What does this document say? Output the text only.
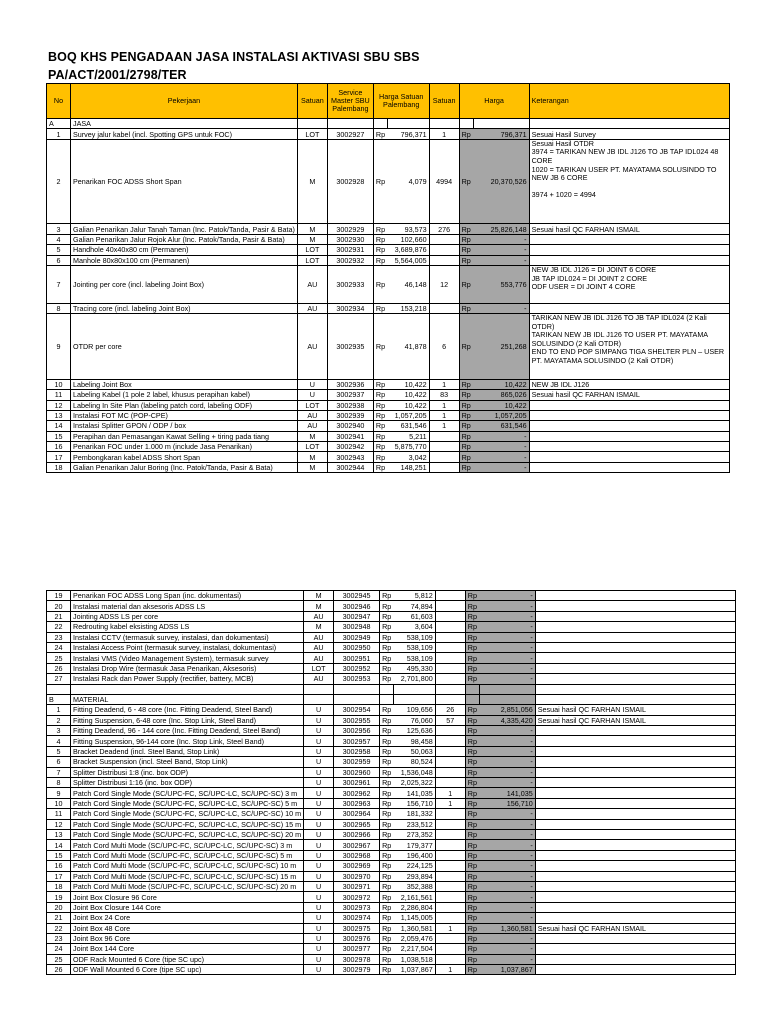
BOQ KHS PENGADAAN JASA INSTALASI AKTIVASI SBU SBS
PA/ACT/2001/2798/TER
No	Pekerjaan	Satuan	Service Master SBU Palembang	Harga Satuan Palembang		Satuan	Harga		Keterangan
A	JASA								
1	Survey jalur kabel (incl. Spotting GPS untuk FOC)	LOT	3002927	Rp	796,371	1	Rp	796,371	Sesuai Hasil Survey
2	Penarikan FOC ADSS Short Span	M	3002928	Rp	4,079	4994	Rp	20,370,526	Sesuai Hasil OTDR
3974 = TARIKAN NEW JB IDL J126 TO JB TAP IDL024 48 CORE
1020 = TARIKAN USER PT. MAYATAMA SOLUSINDO TO NEW JB 6 CORE

3974 + 1020 = 4994
3	Galian Penarikan Jalur Tanah Taman (Inc. Patok/Tanda, Pasir & Bata)	M	3002929	Rp	93,573	276	Rp	25,826,148	Sesuai hasil QC FARHAN ISMAIL
4	Galian Penarikan Jalur Rojok Alur (Inc. Patok/Tanda, Pasir & Bata)	M	3002930	Rp	102,660		Rp	-	
5	Handhole 40x40x80 cm (Permanen)	LOT	3002931	Rp	3,689,876		Rp	-	
6	Manhole 80x80x100 cm (Permanen)	LOT	3002932	Rp	5,564,005		Rp	-	
7	Jointing per core (incl. labeling Joint Box)	AU	3002933	Rp	46,148	12	Rp	553,776	NEW JB IDL J126 = DI JOINT 6 CORE
JB TAP IDL024 = DI JOINT 2 CORE
ODF USER = DI JOINT 4 CORE
8	Tracing core (incl. labeling Joint Box)	AU	3002934	Rp	153,218		Rp	-	
9	OTDR per core	AU	3002935	Rp	41,878	6	Rp	251,268	TARIKAN NEW JB IDL J126 TO JB TAP IDL024 (2 Kali OTDR)
TARIKAN NEW JB IDL J126 TO USER PT. MAYATAMA SOLUSINDO (2 Kali OTDR)
END TO END POP SIMPANG TIGA SHELTER PLN – USER PT. MAYATAMA SOLUSINDO (2 Kali OTDR)
10	Labeling Joint Box	U	3002936	Rp	10,422	1	Rp	10,422	NEW JB IDL J126
11	Labeling Kabel (1 pole 2 label, khusus perapihan kabel)	U	3002937	Rp	10,422	83	Rp	865,026	Sesuai hasil QC FARHAN ISMAIL
12	Labeling In Site Plan (labeling patch cord, labeling ODF)	LOT	3002938	Rp	10,422	1	Rp	10,422	
13	Instalasi FOT MC (POP-CPE)	AU	3002939	Rp	1,057,205	1	Rp	1,057,205	
14	Instalasi Splitter GPON / ODP / box	AU	3002940	Rp	631,546	1	Rp	631,546	
15	Perapihan dan Pemasangan Kawat Selling + tiring pada tiang	M	3002941	Rp	5,211		Rp	-	
16	Penarikan FOC under 1.000 m (include Jasa Penarikan)	LOT	3002942	Rp	5,875,770		Rp	-	
17	Pembongkaran kabel ADSS Short Span	M	3002943	Rp	3,042		Rp	-	
18	Galian Penarikan Jalur Boring (Inc. Patok/Tanda, Pasir & Bata)	M	3002944	Rp	148,251		Rp	-	
19	Penarikan FOC ADSS Long Span (inc. dokumentasi)	M	3002945	Rp	5,812		Rp	-	
20	Instalasi material dan aksesoris ADSS LS	M	3002946	Rp	74,894		Rp	-	
21	Jointing ADSS LS per core	AU	3002947	Rp	61,603		Rp	-	
22	Redrouting kabel eksisting ADSS LS	M	3002948	Rp	3,604		Rp	-	
23	Instalasi CCTV (termasuk survey, instalasi, dan dokumentasi)	AU	3002949	Rp	538,109		Rp	-	
24	Instalasi Access Point (termasuk survey, instalasi, dokumentasi)	AU	3002950	Rp	538,109		Rp	-	
25	Instalasi VMS (Video Management System), termasuk survey	AU	3002951	Rp	538,109		Rp	-	
26	Instalasi Drop Wire (termasuk Jasa Penarikan, Aksesoris)	LOT	3002952	Rp	495,330		Rp	-	
27	Instalasi Rack dan Power Supply (rectifier, battery, MCB)	AU	3002953	Rp	2,701,800		Rp	-	

B	MATERIAL								
1	Fitting Deadend, 6 - 48 core (Inc. Fitting Deadend, Steel Band)	U	3002954	Rp	109,656	26	Rp	2,851,056	Sesuai hasil QC FARHAN ISMAIL
2	Fitting Suspension, 6-48 core (Inc. Stop Link, Steel Band)	U	3002955	Rp	76,060	57	Rp	4,335,420	Sesuai hasil QC FARHAN ISMAIL
3	Fitting Deadend, 96 - 144 core (Inc. Fitting Deadend, Steel Band)	U	3002956	Rp	125,636		Rp	-	
4	Fitting Suspension, 96-144 core (Inc. Stop Link, Steel Band)	U	3002957	Rp	98,458		Rp	-	
5	Bracket Deadend (incl. Steel Band, Stop Link)	U	3002958	Rp	50,063		Rp	-	
6	Bracket Suspension (incl. Steel Band, Stop Link)	U	3002959	Rp	80,524		Rp	-	
7	Splitter Distribusi 1:8 (inc. box ODP)	U	3002960	Rp	1,536,048		Rp	-	
8	Splitter Distribusi 1:16 (inc. box ODP)	U	3002961	Rp	2,025,322		Rp	-	
9	Patch Cord Single Mode (SC/UPC-FC, SC/UPC-LC, SC/UPC-SC) 3 m	U	3002962	Rp	141,035	1	Rp	141,035	
10	Patch Cord Single Mode (SC/UPC-FC, SC/UPC-LC, SC/UPC-SC) 5 m	U	3002963	Rp	156,710	1	Rp	156,710	
11	Patch Cord Single Mode (SC/UPC-FC, SC/UPC-LC, SC/UPC-SC) 10 m	U	3002964	Rp	181,332		Rp	-	
12	Patch Cord Single Mode (SC/UPC-FC, SC/UPC-LC, SC/UPC-SC) 15 m	U	3002965	Rp	233,512		Rp	-	
13	Patch Cord Single Mode (SC/UPC-FC, SC/UPC-LC, SC/UPC-SC) 20 m	U	3002966	Rp	273,352		Rp	-	
14	Patch Cord Multi Mode (SC/UPC-FC, SC/UPC-LC, SC/UPC-SC) 3 m	U	3002967	Rp	179,377		Rp	-	
15	Patch Cord Multi Mode (SC/UPC-FC, SC/UPC-LC, SC/UPC-SC) 5 m	U	3002968	Rp	196,400		Rp	-	
16	Patch Cord Multi Mode (SC/UPC-FC, SC/UPC-LC, SC/UPC-SC) 10 m	U	3002969	Rp	224,125		Rp	-	
17	Patch Cord Multi Mode (SC/UPC-FC, SC/UPC-LC, SC/UPC-SC) 15 m	U	3002970	Rp	293,894		Rp	-	
18	Patch Cord Multi Mode (SC/UPC-FC, SC/UPC-LC, SC/UPC-SC) 20 m	U	3002971	Rp	352,388		Rp	-	
19	Joint Box Closure 96 Core	U	3002972	Rp	2,161,561		Rp	-	
20	Joint Box Closure 144 Core	U	3002973	Rp	2,286,804		Rp	-	
21	Joint Box 24 Core	U	3002974	Rp	1,145,005		Rp	-	
22	Joint Box 48 Core	U	3002975	Rp	1,360,581	1	Rp	1,360,581	Sesuai hasil QC FARHAN ISMAIL
23	Joint Box 96 Core	U	3002976	Rp	2,059,476		Rp	-	
24	Joint Box 144 Core	U	3002977	Rp	2,217,504		Rp	-	
25	ODF Rack Mounted 6 Core (tipe SC upc)	U	3002978	Rp	1,038,518		Rp	-	
26	ODF Wall Mounted 6 Core (tipe SC upc)	U	3002979	Rp	1,037,867	1	Rp	1,037,867	
